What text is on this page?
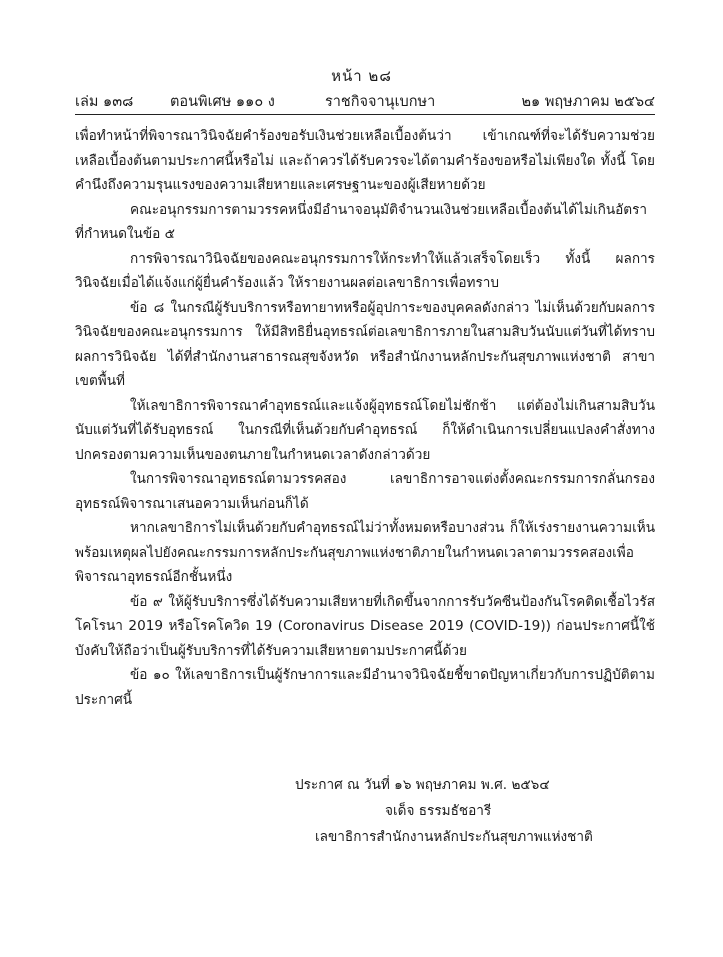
หน้า ๒๘
เล่ม ๑๓๘	ตอนพิเศษ ๑๑๐ ง	ราชกิจจานุเบกษา	๒๑ พฤษภาคม ๒๕๖๔

เพื่อทำหน้าที่พิจารณาวินิจฉัยคำร้องขอรับเงินช่วยเหลือเบื้องต้นว่า เข้าเกณฑ์ที่จะได้รับความช่วยเหลือเบื้องต้นตามประกาศนี้หรือไม่ และถ้าควรได้รับควรจะได้ตามคำร้องขอหรือไม่เพียงใด ทั้งนี้ โดยคำนึงถึงความรุนแรงของความเสียหายและเศรษฐานะของผู้เสียหายด้วย

คณะอนุกรรมการตามวรรคหนึ่งมีอำนาจอนุมัติจำนวนเงินช่วยเหลือเบื้องต้นได้ไม่เกินอัตราที่กำหนดในข้อ ๕

การพิจารณาวินิจฉัยของคณะอนุกรรมการให้กระทำให้แล้วเสร็จโดยเร็ว ทั้งนี้ ผลการวินิจฉัยเมื่อได้แจ้งแก่ผู้ยื่นคำร้องแล้ว ให้รายงานผลต่อเลขาธิการเพื่อทราบ

ข้อ ๘ ในกรณีผู้รับบริการหรือทายาทหรือผู้อุปการะของบุคคลดังกล่าว ไม่เห็นด้วยกับผลการวินิจฉัยของคณะอนุกรรมการ ให้มีสิทธิยื่นอุทธรณ์ต่อเลขาธิการภายในสามสิบวันนับแต่วันที่ได้ทราบผลการวินิจฉัย ได้ที่สำนักงานสาธารณสุขจังหวัด หรือสำนักงานหลักประกันสุขภาพแห่งชาติ สาขาเขตพื้นที่

ให้เลขาธิการพิจารณาคำอุทธรณ์และแจ้งผู้อุทธรณ์โดยไม่ชักช้า แต่ต้องไม่เกินสามสิบวันนับแต่วันที่ได้รับอุทธรณ์ ในกรณีที่เห็นด้วยกับคำอุทธรณ์ ก็ให้ดำเนินการเปลี่ยนแปลงคำสั่งทางปกครองตามความเห็นของตนภายในกำหนดเวลาดังกล่าวด้วย

ในการพิจารณาอุทธรณ์ตามวรรคสอง เลขาธิการอาจแต่งตั้งคณะกรรมการกลั่นกรองอุทธรณ์พิจารณาเสนอความเห็นก่อนก็ได้

หากเลขาธิการไม่เห็นด้วยกับคำอุทธรณ์ไม่ว่าทั้งหมดหรือบางส่วน ก็ให้เร่งรายงานความเห็นพร้อมเหตุผลไปยังคณะกรรมการหลักประกันสุขภาพแห่งชาติภายในกำหนดเวลาตามวรรคสองเพื่อพิจารณาอุทธรณ์อีกชั้นหนึ่ง

ข้อ ๙ ให้ผู้รับบริการซึ่งได้รับความเสียหายที่เกิดขึ้นจากการรับวัคซีนป้องกันโรคติดเชื้อไวรัสโคโรนา 2019 หรือโรคโควิด 19 (Coronavirus Disease 2019 (COVID-19)) ก่อนประกาศนี้ใช้บังคับให้ถือว่าเป็นผู้รับบริการที่ได้รับความเสียหายตามประกาศนี้ด้วย

ข้อ ๑๐ ให้เลขาธิการเป็นผู้รักษาการและมีอำนาจวินิจฉัยชี้ขาดปัญหาเกี่ยวกับการปฏิบัติตามประกาศนี้

ประกาศ ณ วันที่ ๑๖ พฤษภาคม พ.ศ. ๒๕๖๔
จเด็จ ธรรมธัชอารี
เลขาธิการสำนักงานหลักประกันสุขภาพแห่งชาติ
